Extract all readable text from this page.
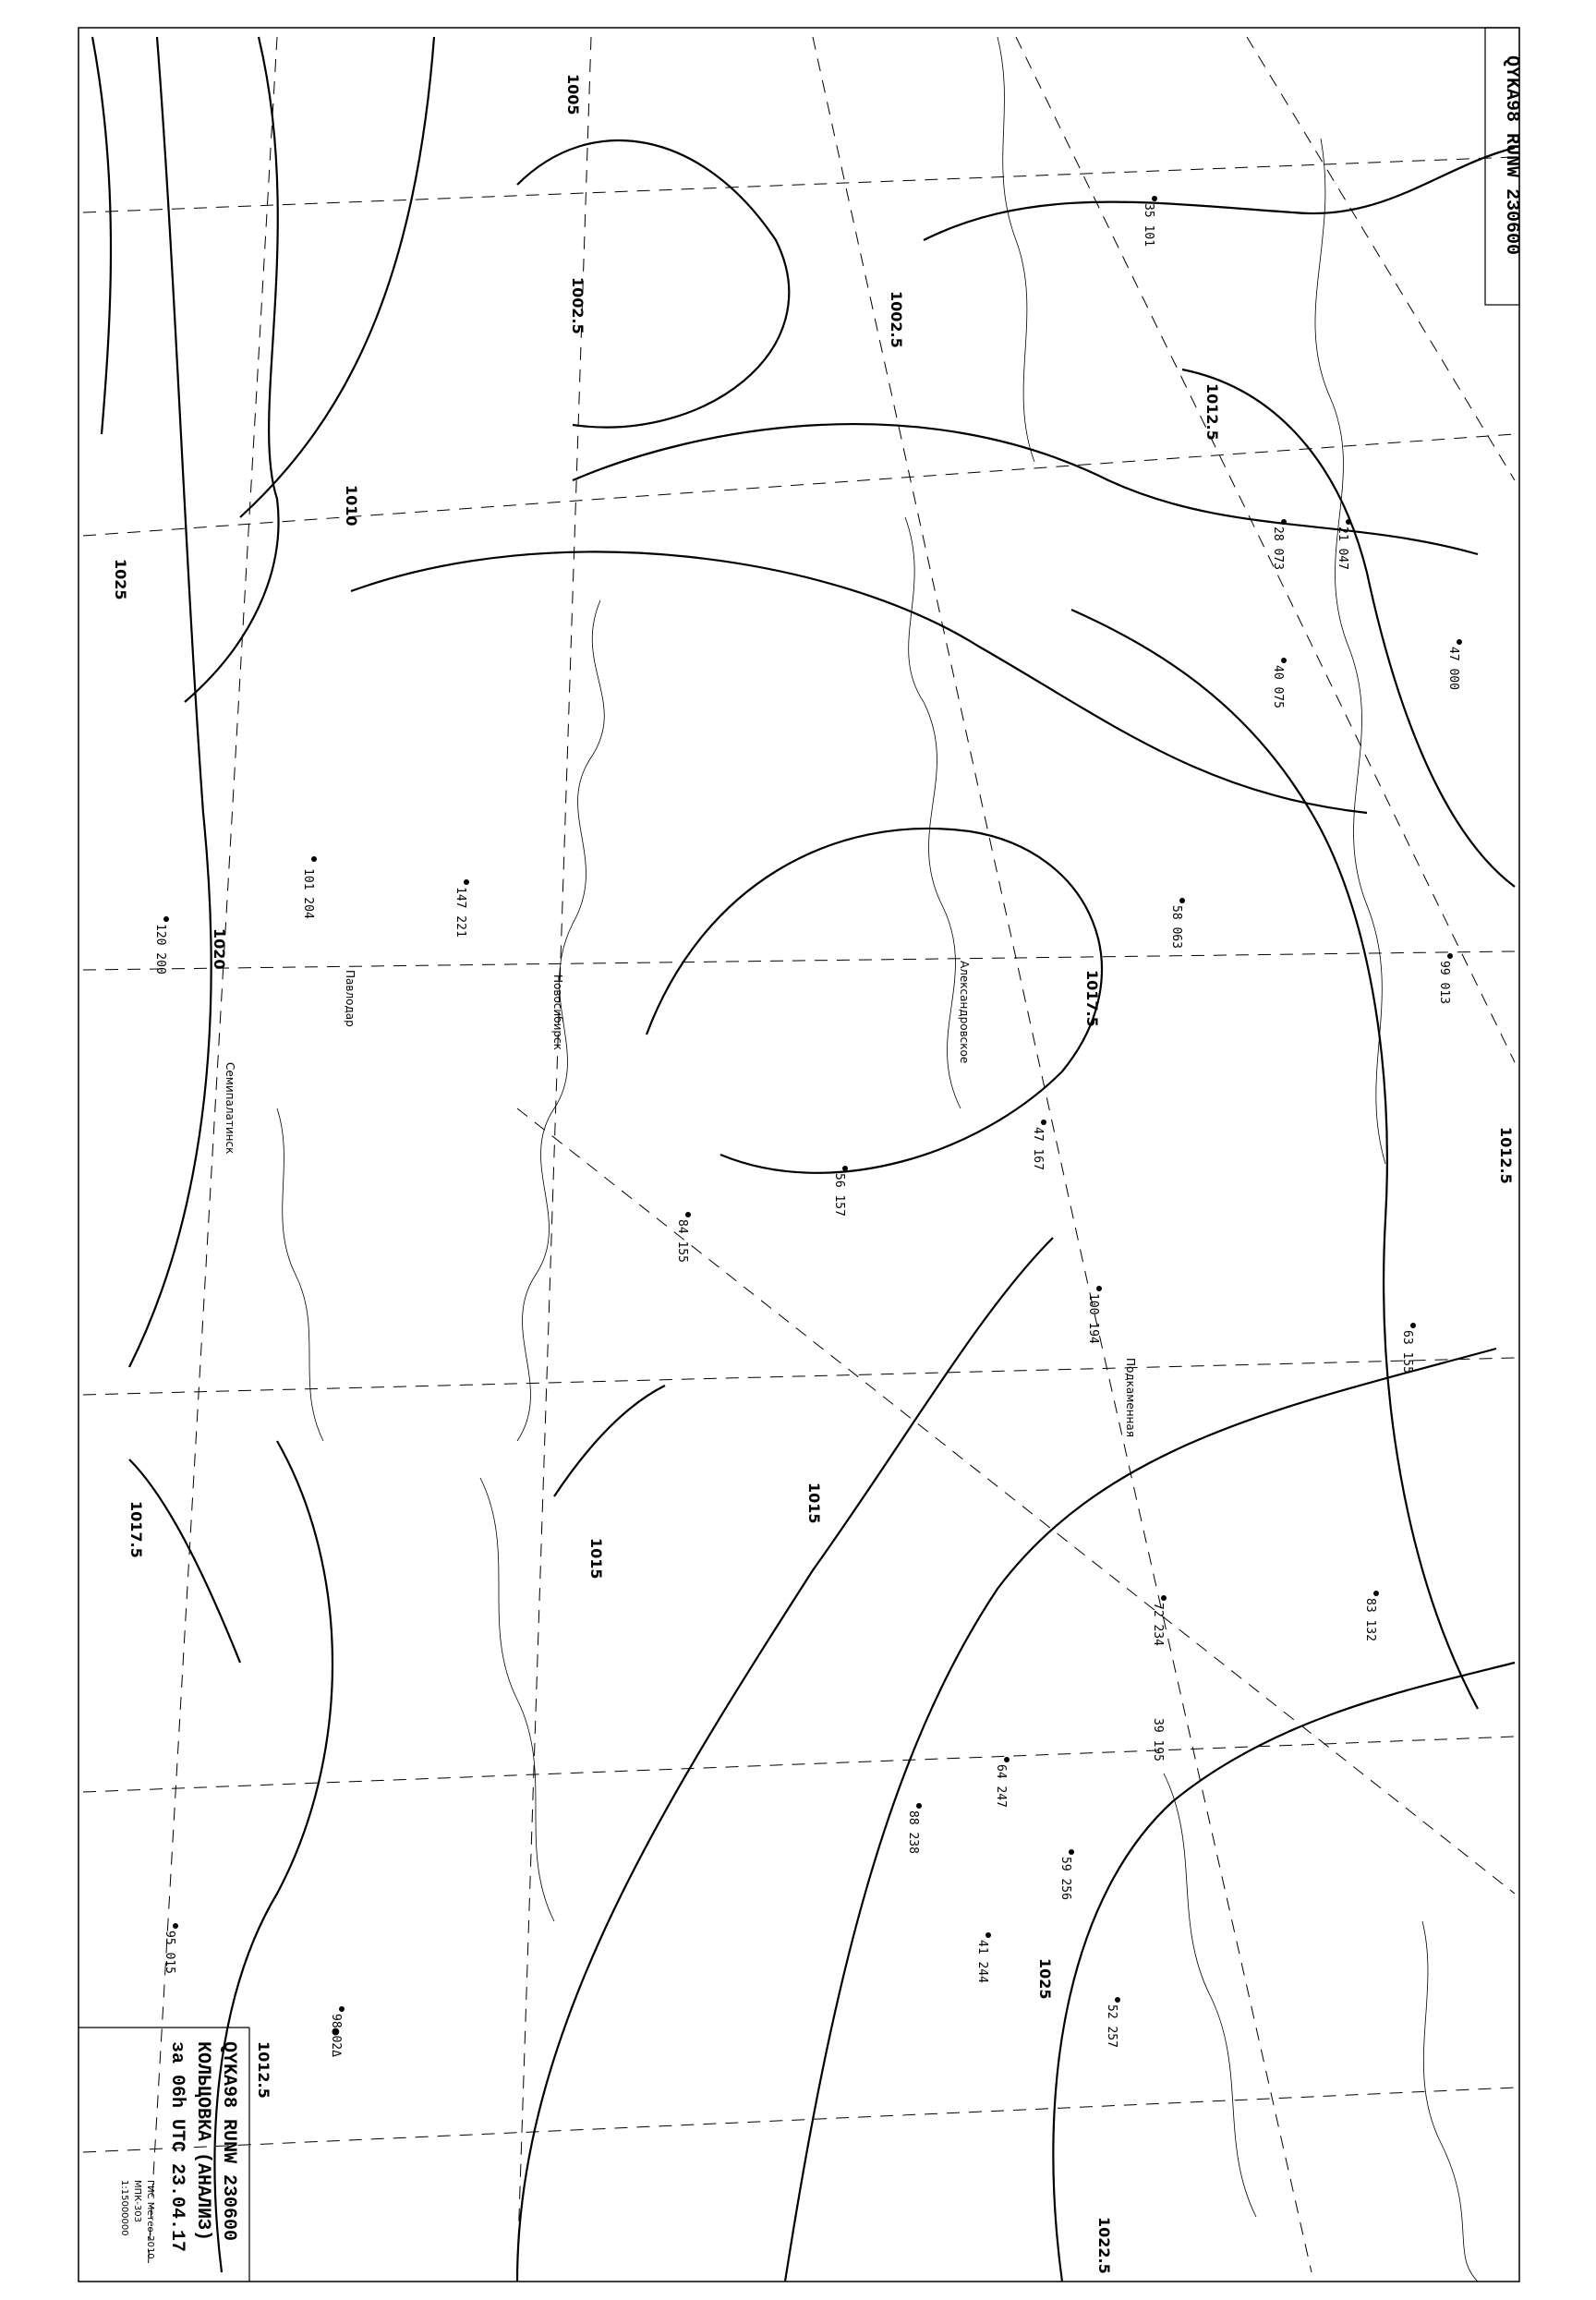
QYKA98 RUNW 230600
QYKA98 RUNW 230600
КОЛЬЦОВКА (АНАЛИЗ)
за 06h UTC 23.04.17
ГИС Метео-2010
МПК-303
1:15000000
1012.5
1020
1017.5
1015
1015
1010
1005
1002.5	1002.5
1025
1022.5
1012.5
1017.5
1012.5
1025
101 204	147 221
120 200
99 013
83 132
72 234
64 247
59 256
52 257
88 238
41 244
39 195
100 194
47 167
56 157
84 155
63 155
35 101
28 073
58 063
21 047
40 075	47 000
95 015
98●02Δ
Павлодар
Семипалатинск
Александровское
Подкаменная
Новосибирск
